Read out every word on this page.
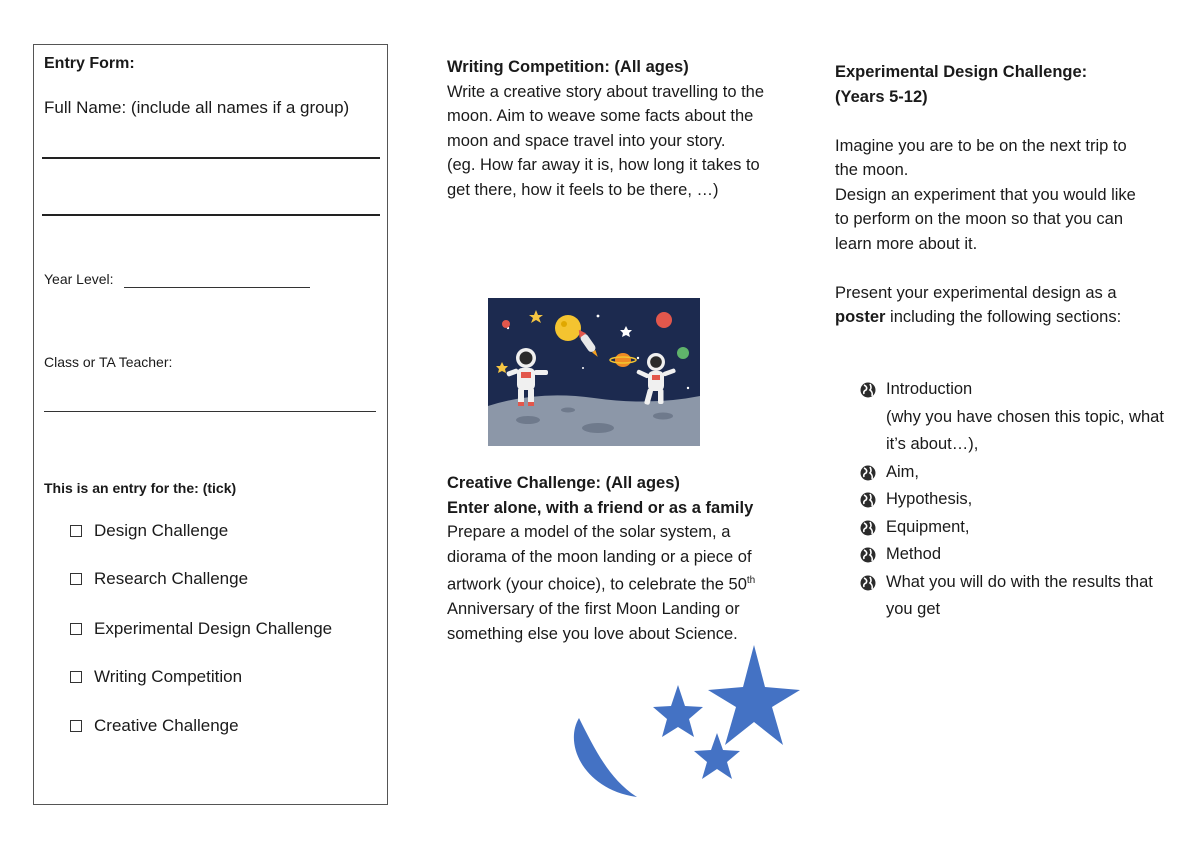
Entry Form:
Full Name: (include all names if a group)
Year Level:
Class or TA Teacher:
This is an entry for the: (tick)
Design Challenge
Research Challenge
Experimental Design Challenge
Writing Competition
Creative Challenge
Writing Competition: (All ages)
Write a creative story about travelling to the moon. Aim to weave some facts about the moon and space travel into your story.
(eg. How far away it is, how long it takes to get there, how it feels to be there, …)
Creative Challenge: (All ages)
Enter alone, with a friend or as a family
Prepare a model of the solar system, a diorama of the moon landing or a piece of artwork (your choice), to celebrate the 50th Anniversary of the first Moon Landing or something else you love about Science.
Experimental Design Challenge:
(Years 5-12)
Imagine you are to be on the next trip to the moon.
Design an experiment that you would like to perform on the moon so that you can learn more about it.
Present your experimental design as a poster including the following sections:
Introduction
(why you have chosen this topic, what it’s about…),
Aim,
Hypothesis,
Equipment,
Method
What you will do with the results that you get
